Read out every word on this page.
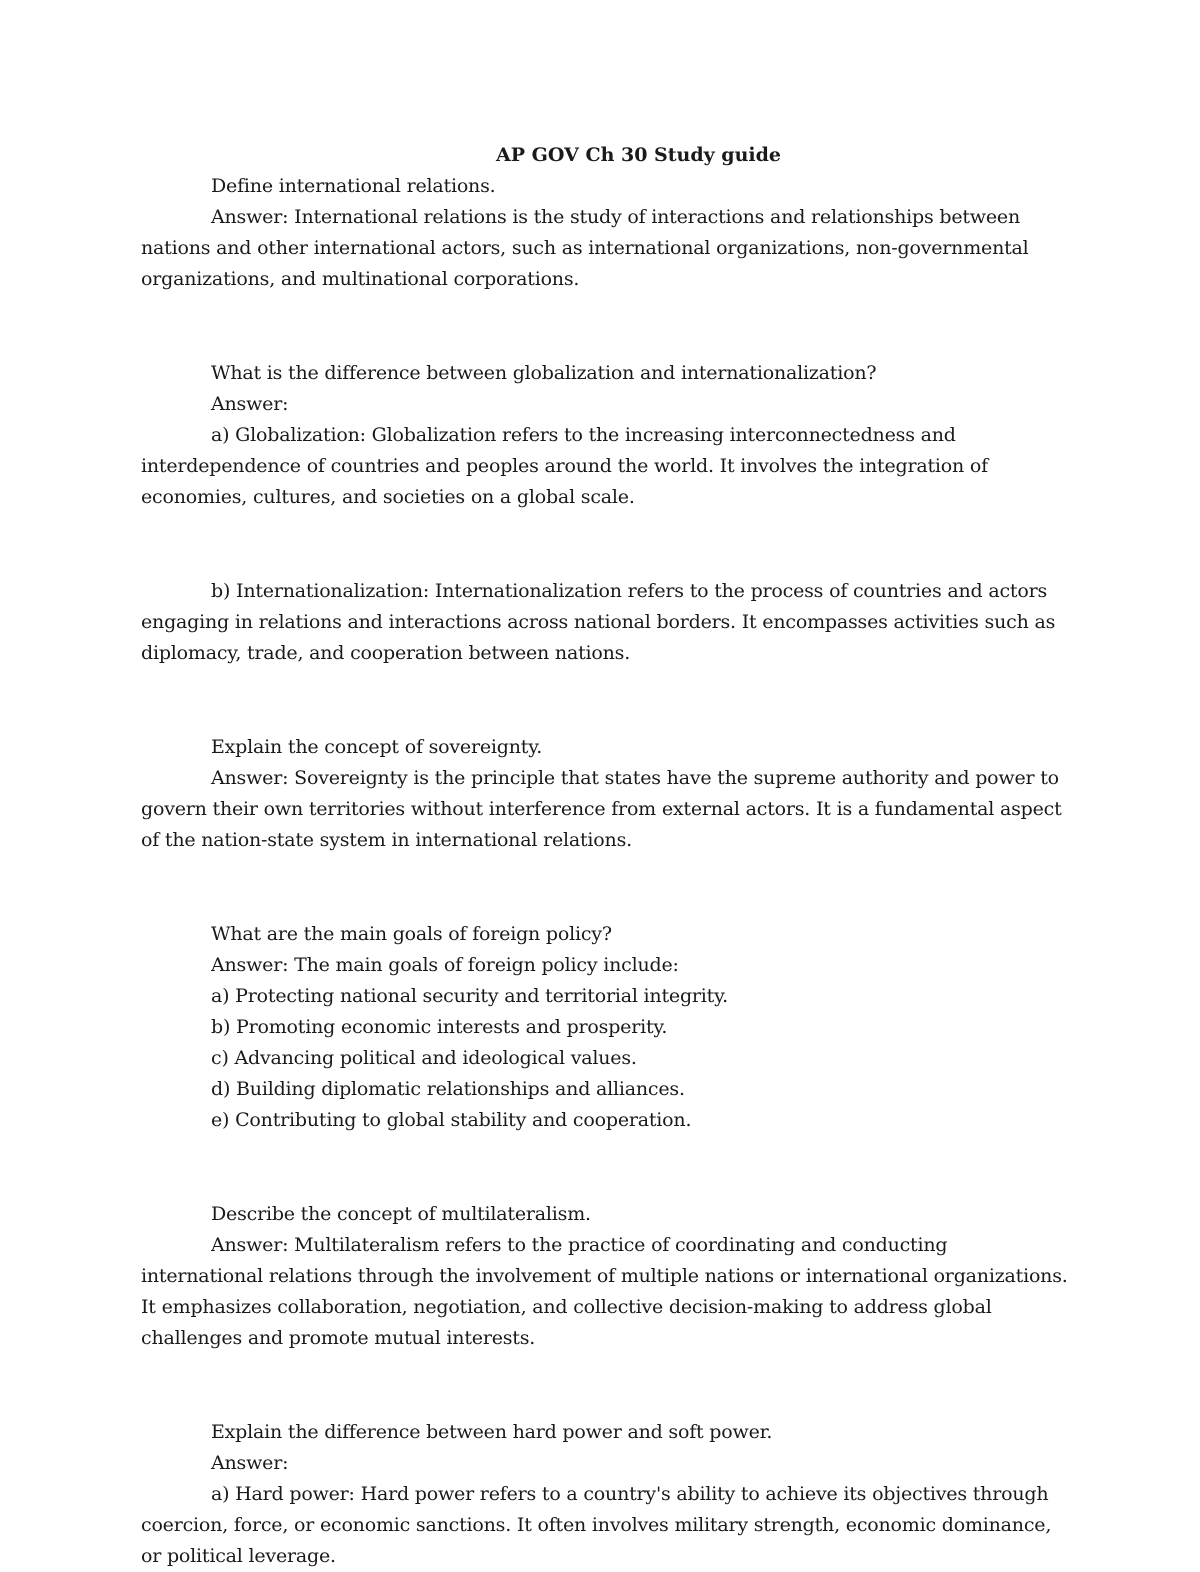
AP GOV Ch 30 Study guide

Define international relations.

Answer: International relations is the study of interactions and relationships between

nations and other international actors, such as international organizations, non-governmental

organizations, and multinational corporations.

What is the difference between globalization and internationalization?

Answer:

a) Globalization: Globalization refers to the increasing interconnectedness and

interdependence of countries and peoples around the world. It involves the integration of

economies, cultures, and societies on a global scale.

b) Internationalization: Internationalization refers to the process of countries and actors

engaging in relations and interactions across national borders. It encompasses activities such as

diplomacy, trade, and cooperation between nations.

Explain the concept of sovereignty.

Answer: Sovereignty is the principle that states have the supreme authority and power to

govern their own territories without interference from external actors. It is a fundamental aspect

of the nation-state system in international relations.

What are the main goals of foreign policy?

Answer: The main goals of foreign policy include:

a) Protecting national security and territorial integrity.

b) Promoting economic interests and prosperity.

c) Advancing political and ideological values.

d) Building diplomatic relationships and alliances.

e) Contributing to global stability and cooperation.

Describe the concept of multilateralism.

Answer: Multilateralism refers to the practice of coordinating and conducting

international relations through the involvement of multiple nations or international organizations.

It emphasizes collaboration, negotiation, and collective decision-making to address global

challenges and promote mutual interests.

Explain the difference between hard power and soft power.

Answer:

a) Hard power: Hard power refers to a country's ability to achieve its objectives through

coercion, force, or economic sanctions. It often involves military strength, economic dominance,

or political leverage.
